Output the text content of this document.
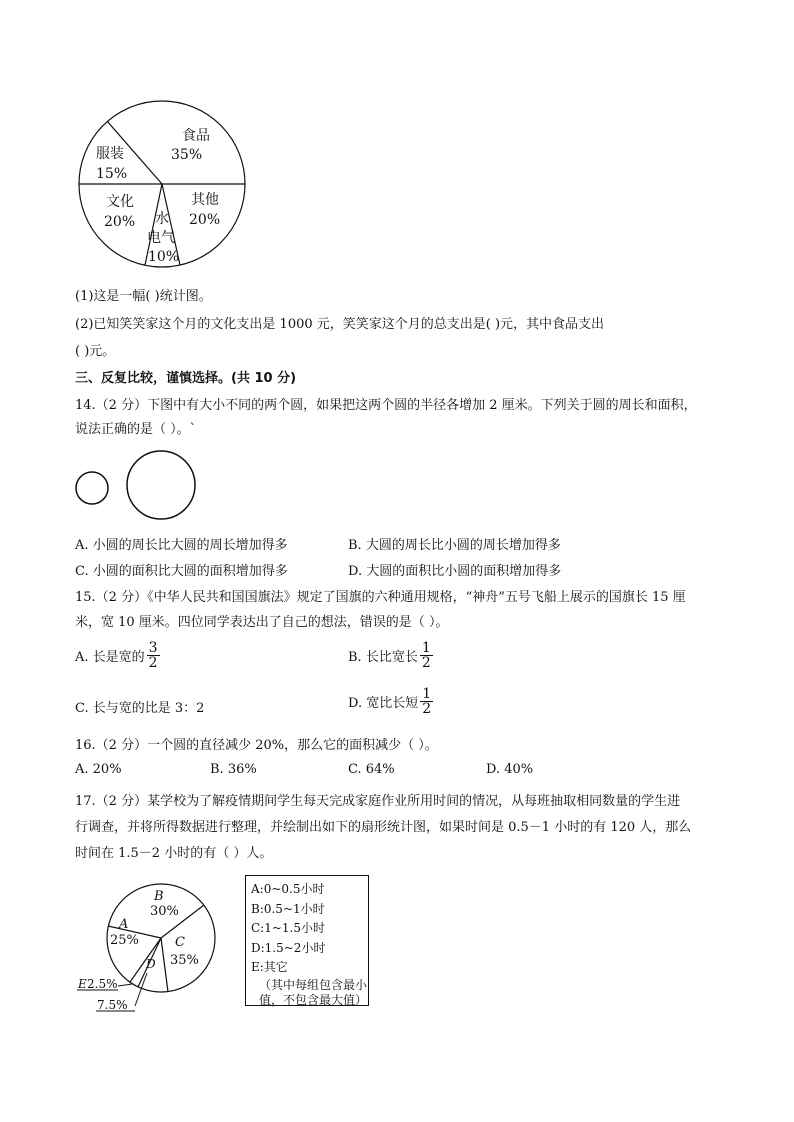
食品
35%
服装
15%
文化
20%
其他
20%
水
电气
10%
(1)这是一幅( )统计图。
(2)已知笑笑家这个月的文化支出是 1000 元，笑笑家这个月的总支出是( )元，其中食品支出
( )元。
三、反复比较，谨慎选择。(共 10 分)
14.（2 分）下图中有大小不同的两个圆，如果把这两个圆的半径各增加 2 厘米。下列关于圆的周长和面积，
说法正确的是（ ）。`
A. 小圆的周长比大圆的周长增加得多	B. 大圆的周长比小圆的周长增加得多
C. 小圆的面积比大圆的面积增加得多	D. 大圆的面积比小圆的面积增加得多
15.（2 分）《中华人民共和国国旗法》规定了国旗的六种通用规格，“神舟”五号飞船上展示的国旗长 15 厘
米，宽 10 厘米。四位同学表达出了自己的想法，错误的是（ ）。
A. 长是宽的 $\frac{3}{2}$	B. 长比宽长 $\frac{1}{2}$
C. 长与宽的比是 3：2	D. 宽比长短 $\frac{1}{2}$
16.（2 分）一个圆的直径减少 20%，那么它的面积减少（ ）。
A. 20%	B. 36%	C. 64%	D. 40%
17.（2 分）某学校为了解疫情期间学生每天完成家庭作业所用时间的情况，从每班抽取相同数量的学生进
行调查，并将所得数据进行整理，并绘制出如下的扇形统计图，如果时间是 0.5－1 小时的有 120 人，那么
时间在 1.5－2 小时的有（ ）人。
B
30%
A
25%	C
35%
D
E 2.5%
7.5%
A:0~0.5小时
B:0.5~1小时
C:1~1.5小时
D:1.5~2小时
E:其它
（其中每组包含最小
值，不包含最大值）
